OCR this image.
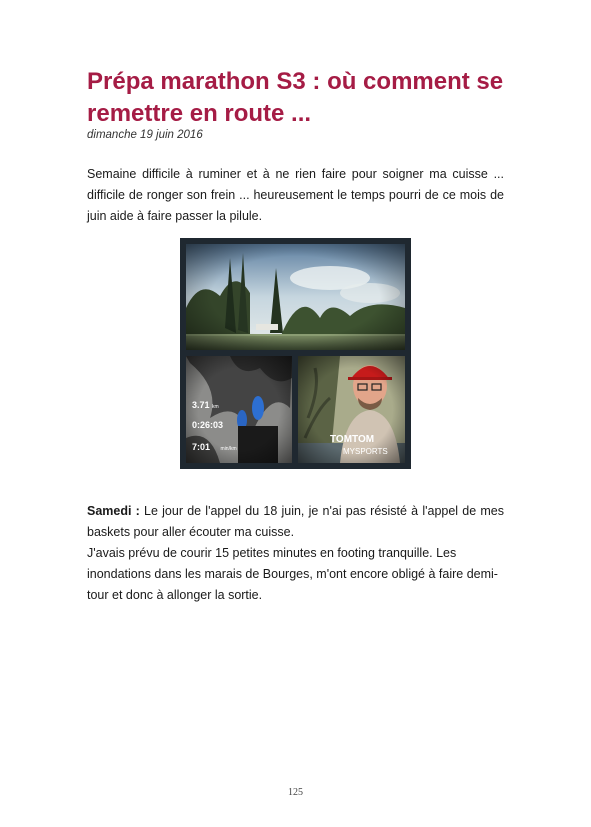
Prépa marathon S3 : où comment se remettre en route ...
dimanche 19 juin 2016

Semaine difficile à ruminer et à ne rien faire pour soigner ma cuisse ... difficile de ronger son frein ... heureusement le temps pourri de ce mois de juin aide à faire passer la pilule.

3.71 km
0:26:03
7:01 min/km
TOMTOM
MYSPORTS

Samedi : Le jour de l'appel du 18 juin, je n'ai pas résisté à l'appel de mes baskets pour aller écouter ma cuisse.

J'avais prévu de courir 15 petites minutes en footing tranquille. Les inondations dans les marais de Bourges, m'ont encore obligé à faire demi-tour et donc à allonger la sortie.

125
